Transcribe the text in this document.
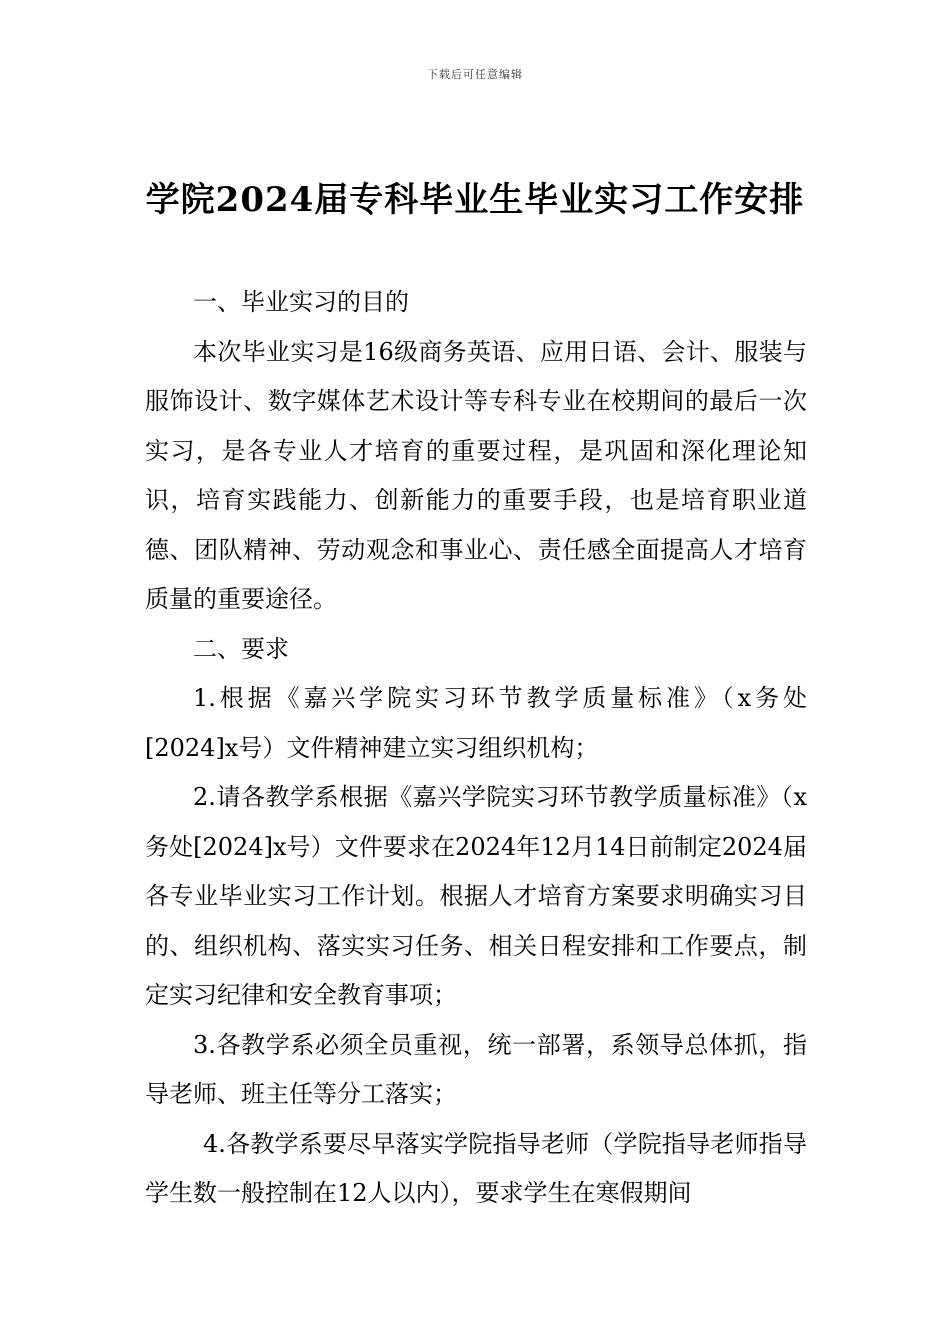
下载后可任意编辑
学院2024届专科毕业生毕业实习工作安排

一、毕业实习的目的

本次毕业实习是16级商务英语、应用日语、会计、服装与服饰设计、数字媒体艺术设计等专科专业在校期间的最后一次实习，是各专业人才培育的重要过程，是巩固和深化理论知识，培育实践能力、创新能力的重要手段，也是培育职业道德、团队精神、劳动观念和事业心、责任感全面提高人才培育质量的重要途径。

二、要求

1.根据《嘉兴学院实习环节教学质量标准》（x务处[2024]x号）文件精神建立实习组织机构；

2.请各教学系根据《嘉兴学院实习环节教学质量标准》（x务处[2024]x号）文件要求在2024年12月14日前制定2024届各专业毕业实习工作计划。根据人才培育方案要求明确实习目的、组织机构、落实实习任务、相关日程安排和工作要点，制定实习纪律和安全教育事项；

3.各教学系必须全员重视，统一部署，系领导总体抓，指导老师、班主任等分工落实；

4.各教学系要尽早落实学院指导老师（学院指导老师指导学生数一般控制在12人以内），要求学生在寒假期间
